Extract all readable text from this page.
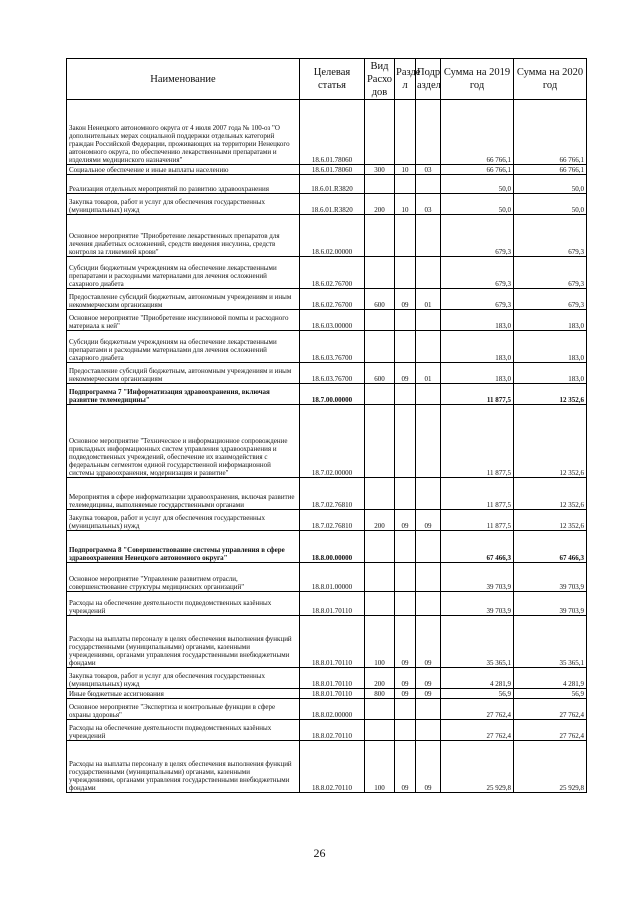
Наименование	Целевая статья	Вид Расхо дов	Разде л	Подр аздел	Сумма на 2019 год	Сумма на 2020 год
Закон Ненецкого автономного округа от 4 июля 2007 года № 100-оз "О дополнительных мерах социальной поддержки отдельных категорий граждан Российской Федерации, проживающих на территории Ненецкого автономного округа, по обеспечению лекарственными препаратами и изделиями медицинского назначения"	18.6.01.78060				66 766,1	66 766,1
Социальное обеспечение и иные выплаты населению	18.6.01.78060	300	10	03	66 766,1	66 766,1
Реализация отдельных мероприятий по развитию здравоохранения	18.6.01.R3820				50,0	50,0
Закупка товаров, работ и услуг для обеспечения государственных (муниципальных) нужд	18.6.01.R3820	200	10	03	50,0	50,0
Основное мероприятие "Приобретение лекарственных препаратов для лечения диабетных осложнений, средств введения инсулина, средств контроля за гликемией крови"	18.6.02.00000				679,3	679,3
Субсидии бюджетным учреждениям на обеспечение лекарственными препаратами и расходными материалами для лечения осложнений сахарного диабета	18.6.02.76700				679,3	679,3
Предоставление субсидий бюджетным, автономным учреждениям и иным некоммерческим организациям	18.6.02.76700	600	09	01	679,3	679,3
Основное мероприятие "Приобретение инсулиновой помпы и расходного материала к ней"	18.6.03.00000				183,0	183,0
Субсидии бюджетным учреждениям на обеспечение лекарственными препаратами и расходными материалами для лечения осложнений сахарного диабета	18.6.03.76700				183,0	183,0
Предоставление субсидий бюджетным, автономным учреждениям и иным некоммерческим организациям	18.6.03.76700	600	09	01	183,0	183,0
Подпрограмма 7 "Информатизация здравоохранения, включая развитие телемедицины"	18.7.00.00000				11 877,5	12 352,6
Основное мероприятие "Техническое и информационное сопровождение прикладных информационных систем управления здравоохранения и подведомственных учреждений, обеспечение их взаимодействия с федеральным сегментом единой государственной информационной системы здравоохранения, модернизация и развитие"	18.7.02.00000				11 877,5	12 352,6
Мероприятия в сфере информатизации здравоохранения, включая развитие телемедицины, выполняемые государственными органами	18.7.02.76810				11 877,5	12 352,6
Закупка товаров, работ и услуг для обеспечения государственных (муниципальных) нужд	18.7.02.76810	200	09	09	11 877,5	12 352,6
Подпрограмма 8 "Совершенствование системы управления в сфере здравоохранения Ненецкого автономного округа"	18.8.00.00000				67 466,3	67 466,3
Основное мероприятие "Управление развитием отрасли, совершенствование структуры медицинских организаций"	18.8.01.00000				39 703,9	39 703,9
Расходы на обеспечение деятельности подведомственных казённых учреждений	18.8.01.70110				39 703,9	39 703,9
Расходы на выплаты персоналу в целях обеспечения выполнения функций государственными (муниципальными) органами, казенными учреждениями, органами управления государственными внебюджетными фондами	18.8.01.70110	100	09	09	35 365,1	35 365,1
Закупка товаров, работ и услуг для обеспечения государственных (муниципальных) нужд	18.8.01.70110	200	09	09	4 281,9	4 281,9
Иные бюджетные ассигнования	18.8.01.70110	800	09	09	56,9	56,9
Основное мероприятие "Экспертиза и контрольные функции в сфере охраны здоровья"	18.8.02.00000				27 762,4	27 762,4
Расходы на обеспечение деятельности подведомственных казённых учреждений	18.8.02.70110				27 762,4	27 762,4
Расходы на выплаты персоналу в целях обеспечения выполнения функций государственными (муниципальными) органами, казенными учреждениями, органами управления государственными внебюджетными фондами	18.8.02.70110	100	09	09	25 929,8	25 929,8
26
